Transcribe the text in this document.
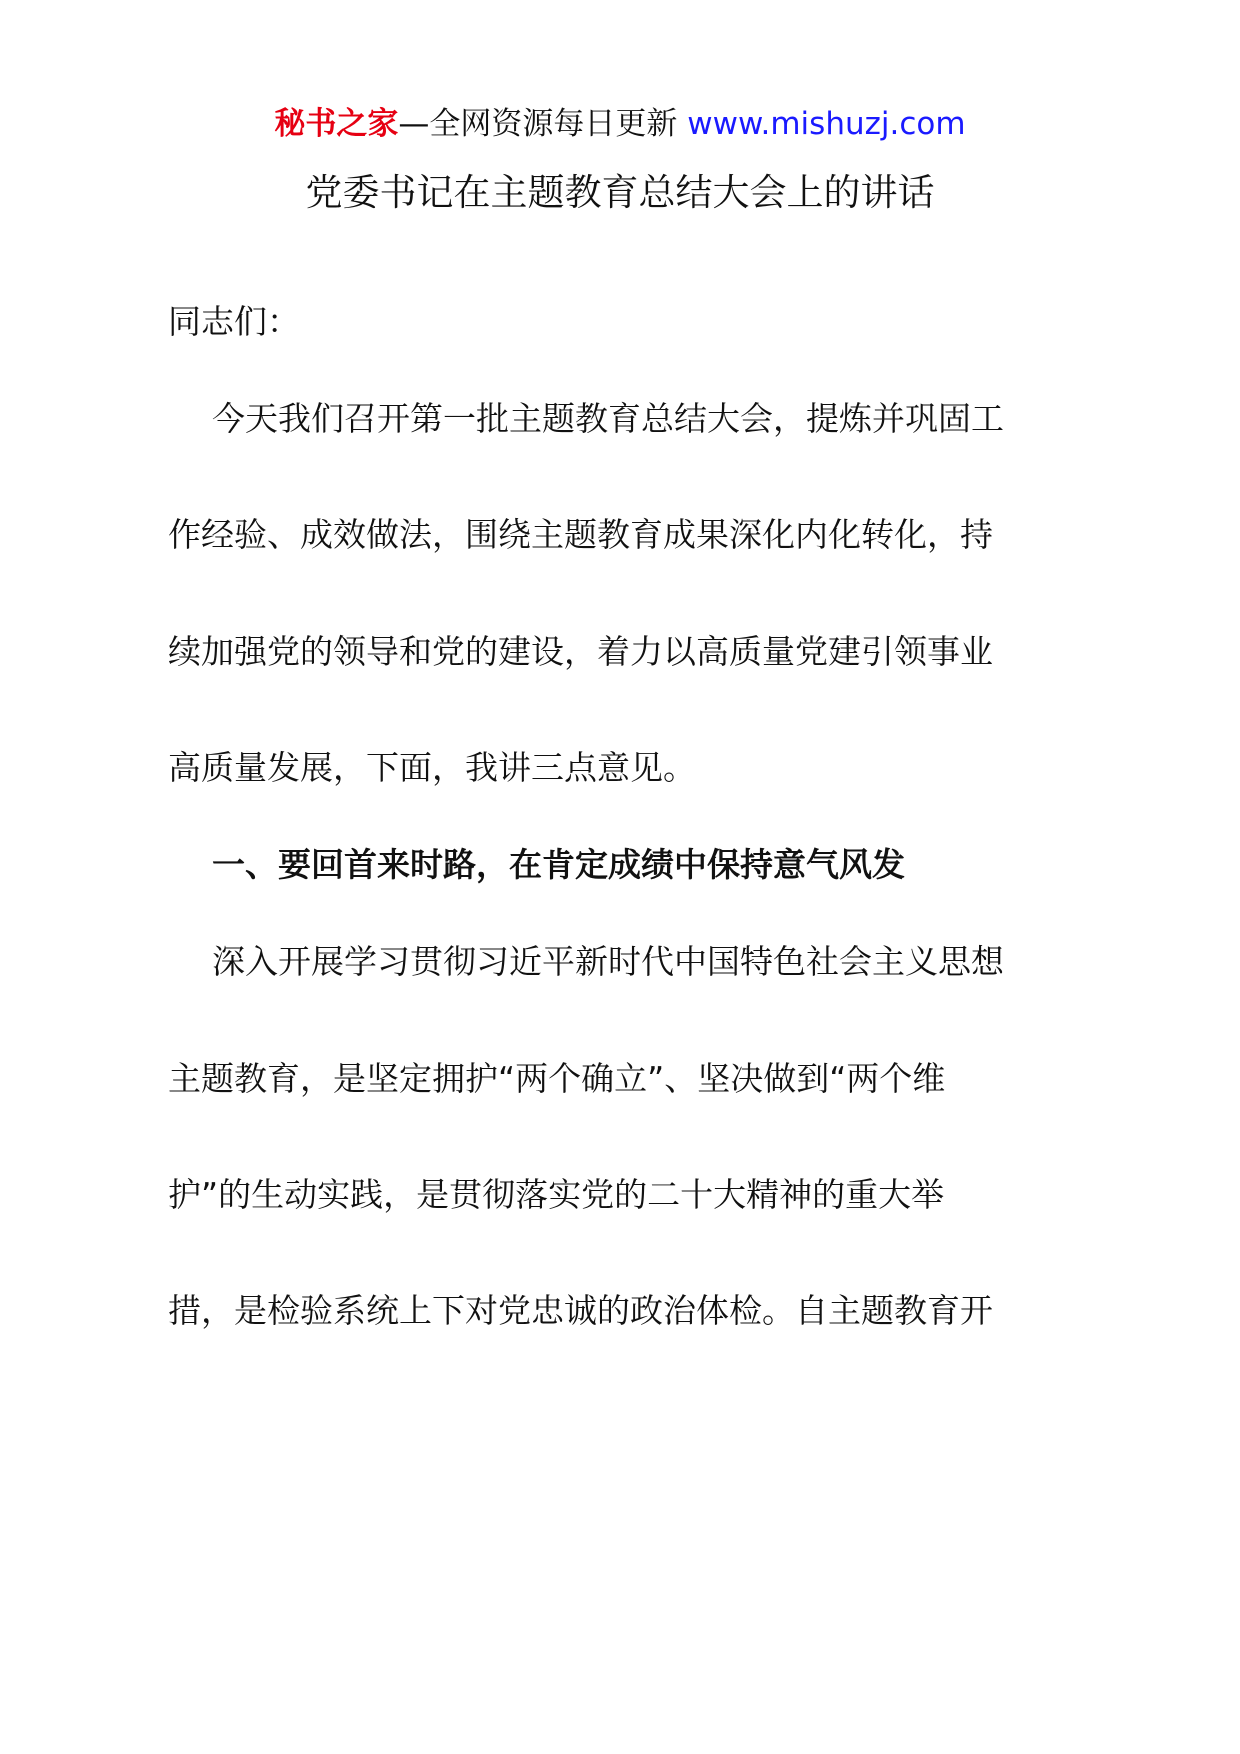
秘书之家—全网资源每日更新 www.mishuzj.com
党委书记在主题教育总结大会上的讲话
同志们：
今天我们召开第一批主题教育总结大会，提炼并巩固工
作经验、成效做法，围绕主题教育成果深化内化转化，持
续加强党的领导和党的建设，着力以高质量党建引领事业
高质量发展，下面，我讲三点意见。
一、要回首来时路，在肯定成绩中保持意气风发
深入开展学习贯彻习近平新时代中国特色社会主义思想
主题教育，是坚定拥护“两个确立”、坚决做到“两个维
护”的生动实践，是贯彻落实党的二十大精神的重大举
措，是检验系统上下对党忠诚的政治体检。自主题教育开
